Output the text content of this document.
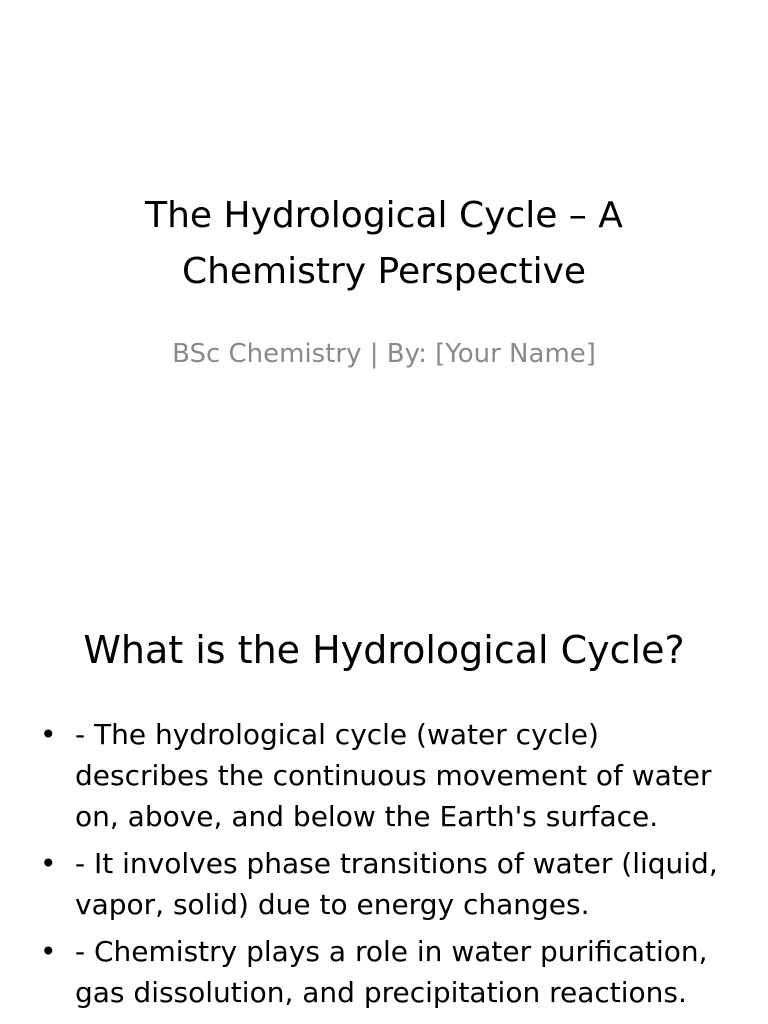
The Hydrological Cycle – A Chemistry Perspective

BSc Chemistry | By: [Your Name]

What is the Hydrological Cycle?
• - The hydrological cycle (water cycle) describes the continuous movement of water on, above, and below the Earth's surface.
• - It involves phase transitions of water (liquid, vapor, solid) due to energy changes.
• - Chemistry plays a role in water purification, gas dissolution, and precipitation reactions.
